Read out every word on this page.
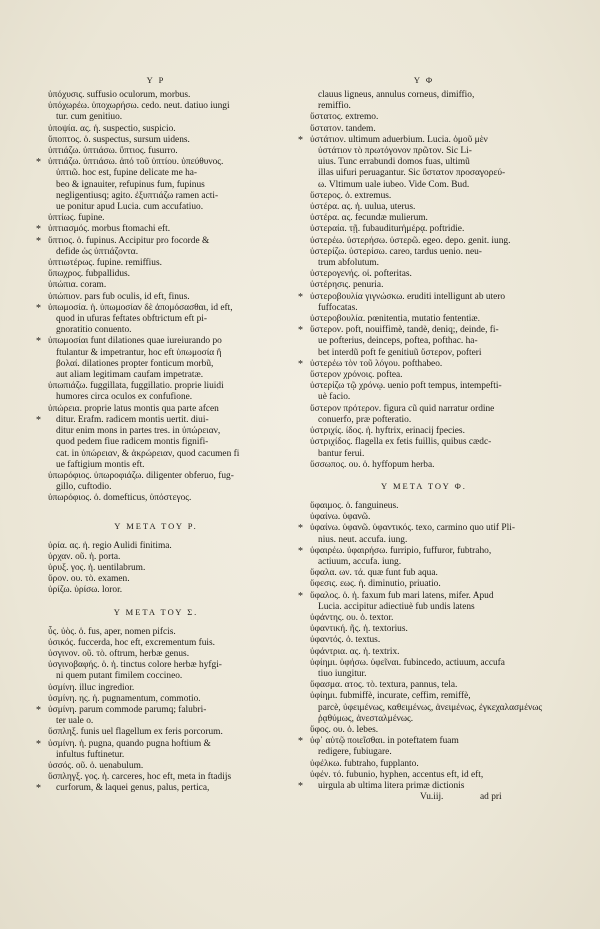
Υ Ρ
ὑπόχυσις. suffusio oculorum, morbus.
ὑπόχωρέω. ὑποχωρήσω. cedo. neut. datiuo iungi
tur. cum genitiuo.
ὑποψία. ας. ἡ. suspectio, suspicio.
ὕποπτος. ὁ. suspectus, sursum uidens.
ὑπτιάζω. ὑπτιάσω. ὕπτιος. fusurro.
* ὑπτιάζω. ὑπτιάσω. ἀπό τοῦ ὑπτίου. ὑπεύθυνος.
ὑπτιῶ. hoc est, fupine delicate me ha-
beo & ignauiter, refupinus fum, fupinus
negligentiusq; agito. ἐξυπτιάζω ramen acti-
ue ponitur apud Lucia. cum accufatiuo.
ὑπτίως. fupine.
* ὑπτιασμός. morbus ftomachi eft.
* ὕπτιος. ὁ. fupinus. Accipitur pro focorde &
defide ὡς ὑπτιάζοντα.
ὑπτιωτέρως. fupine. remiffius.
ὕπωχρος. fubpallidus.
ὑπώπια. coram.
ὑπώπιον. pars fub oculis, id eft, finus.
* ὑπωμοσία. ἡ. ὑπωμοσίαν δὲ ἀπομόσασθαι, id eft,
quod in ufuras feftates obftrictum eft pi-
gnoratitio conuento.
* ὑπωμοσίαι funt dilationes quae iureiurando po
ftulantur & impetrantur, hoc eft ὑπωμοσία ἢ
βολαί. dilationes propter fonticum morbũ,
aut aliam legitimam caufam impetratæ.
ὑπωπιάζω. fuggillata, fuggillatio. proprie liuidi
humores circa oculos ex confufione.
ὑπώρεια. proprie latus montis qua parte afcen
* ditur. Erafm. radicem montis uertit. diui-
ditur enim mons in partes tres. in ὑπώρειαν,
quod pedem fiue radicem montis fignifi-
cat. in ὑπώρειαν, & ἀκρώρειαν, quod cacumen fi
ue faftigium montis eft.
ὑπωρόφιος. ὑπωροφιάζω. diligenter obferuo, fug-
gillo, cuftodio.
ὑπωρόφιος. ὁ. domefticus, ὑπόστεγος.
Υ ΜΕΤΑ ΤΟΥ Ρ.
ὑρία. ας. ἡ. regio Aulidi finitima.
ὑρχαν. οῦ. ἡ. porta.
ὑρυξ. γος. ἡ. uentilabrum.
ὕρον. ου. τὸ. examen.
ὑρίζω. ὑρίσω. loror.
Υ ΜΕΤΑ ΤΟΥ Σ.
ὗς. ὑὸς. ὁ. fus, aper, nomen pifcis.
ὑσικός. fuccerda, hoc eft, excrementum fuis.
ὑσγινον. οῦ. τὸ. oftrum, herbæ genus.
ὑσγινοβαφής. ὁ. ἡ. tinctus colore herbæ hyfgi-
ni quem putant fimilem coccineo.
ὑσμίνη. illuc ingredior.
ὑσμίνη. ης. ἡ. pugnamentum, commotio.
* ὑσμίνη. parum commode parumq; falubri-
ter uale o.
ὕσπληξ. funis uel flagellum ex feris porcorum.
* ὑσμίνη. ἡ. pugna, quando pugna hoftium &
infultus fuftinetur.
ὑσσός. οῦ. ὁ. uenabulum.
ὕσπληγξ. γος. ἡ. carceres, hoc eft, meta in ftadijs
* curforum, & laquei genus, palus, pertica,
Υ Φ
clauus ligneus, annulus corneus, dimiffio,
remiffio.
ὕστατος. extremo.
ὕστατον. tandem.
* ὑστάτιον. ultimum aduerbium. Lucia. ὁμοῦ μὲν
ὑστάτιον τὸ πρωτόγονον πρῶτον. Sic Li-
uius. Tunc errabundi domos fuas, ultimũ
illas uifuri peruagantur. Sic ὕστατον προσαγορεύ-
ω. Vltimum uale iubeo. Vide Com. Bud.
ὕστερος. ὁ. extremus.
ὑστέρα. ας. ἡ. uulua, uterus.
ὑστέρα. ας. fecundæ mulierum.
ὑστεραία. τῇ. fubauditurἡμέρᾳ. poftridie.
ὑστερέω. ὑστερήσω. ὑστερῶ. egeo. depo. genit. iung.
ὑστερίζω. ὑστερίσω. careo, tardus uenio. neu-
trum abfolutum.
ὑστερογενής. οἱ. pofteritas.
ὑστέρησις. penuria.
* ὑστεροβουλία γιγνώσκω. eruditi intelligunt ab utero
fuffocatas.
ὑστεροβουλία. pœnitentia, mutatio fententiæ.
* ὕστερον. poft, nouiffimè, tandè, deniq;, deinde, fi-
ue pofterius, deinceps, poftea, pofthac. ha-
bet interdũ poft fe genitiuũ ὕστερον, pofteri
* ὑστερέω τὸν τοῦ λόγου. pofthabeo.
ὕστερον χρόνοις. poftea.
ὑστερίζω τῷ χρόνῳ. uenio poft tempus, intempefti-
uè facio.
ὕστερον πρότερον. figura cũ quid narratur ordine
conuerfo, præ pofteratio.
ὑστριχίς. ίδος. ἡ. hyftrix, erinacij fpecies.
ὑστριχίδος. flagella ex fetis fuillis, quibus cædc-
bantur ferui.
ὕσσωπος. ου. ὁ. hyffopum herba.
Υ ΜΕΤΑ ΤΟΥ Φ.
ὕφαιμος. ὁ. fanguineus.
ὑφαίνω. ὑφανῶ.
* ὑφαίνω. ὑφανῶ. ὑφαντικός. texo, carmino quo utif Pli-
nius. neut. accufa. iung.
* ὑφαιρέω. ὑφαιρήσω. furripio, fuffuror, fubtraho,
actiuum, accufa. iung.
ὕφαλα. ων. τά. quæ funt fub aqua.
ὕφεσις. εως. ἡ. diminutio, priuatio.
* ὕφαλος. ὁ. ἡ. faxum fub mari latens, mifer. Apud
Lucia. accipitur adiectiuè fub undis latens
ὑφάντης. ου. ὁ. textor.
ὑφαντική. ῆς. ἡ. textorius.
ὑφαντός. ὁ. textus.
ὑφάντρια. ας. ἡ. textrix.
ὑφίημι. ὑφήσω. ὑφεῖναι. fubincedo, actiuum, accufa
tiuo iungitur.
ὕφασμα. ατος. τὸ. textura, pannus, tela.
ὑφίημι. fubmiffè, incurate, ceffim, remiffè,
parcè, ὑφειμένως, καθειμένως, ἀνειμένως, ἐγκεχαλασμένως
ῥᾳθύμως, ἀνεσταλμένως.
ὕφος. ου. ὁ. lebes.
* ὑφ᾽ αὑτῷ ποιεῖσθαι. in poteftatem fuam
redigere, fubiugare.
ὑφέλκω. fubtraho, fupplanto.
ὑφέν. τό. fubunio, hyphen, accentus eft, id eft,
* uirgula ab ultima litera primæ dictionis
Vu.iij.	ad pri
